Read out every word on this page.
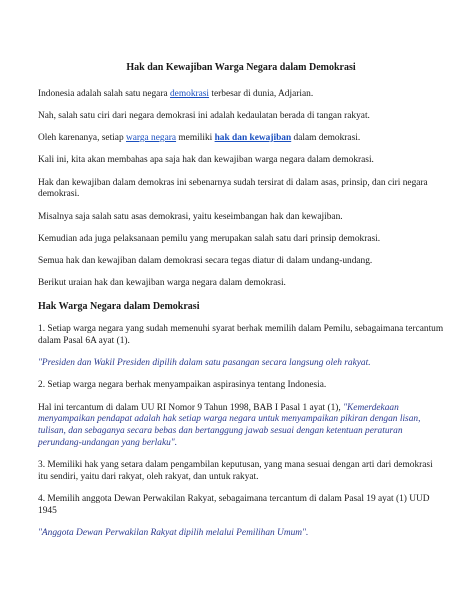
Hak dan Kewajiban Warga Negara dalam Demokrasi

Indonesia adalah salah satu negara demokrasi terbesar di dunia, Adjarian.

Nah, salah satu ciri dari negara demokrasi ini adalah kedaulatan berada di tangan rakyat.

Oleh karenanya, setiap warga negara memiliki hak dan kewajiban dalam demokrasi.

Kali ini, kita akan membahas apa saja hak dan kewajiban warga negara dalam demokrasi.

Hak dan kewajiban dalam demokras ini sebenarnya sudah tersirat di dalam asas, prinsip, dan ciri negara demokrasi.

Misalnya saja salah satu asas demokrasi, yaitu keseimbangan hak dan kewajiban.

Kemudian ada juga pelaksanaan pemilu yang merupakan salah satu dari prinsip demokrasi.

Semua hak dan kewajiban dalam demokrasi secara tegas diatur di dalam undang-undang.

Berikut uraian hak dan kewajiban warga negara dalam demokrasi.

Hak Warga Negara dalam Demokrasi

1. Setiap warga negara yang sudah memenuhi syarat berhak memilih dalam Pemilu, sebagaimana tercantum dalam Pasal 6A ayat (1).

"Presiden dan Wakil Presiden dipilih dalam satu pasangan secara langsung oleh rakyat.

2. Setiap warga negara berhak menyampaikan aspirasinya tentang Indonesia.

Hal ini tercantum di dalam UU RI Nomor 9 Tahun 1998, BAB I Pasal 1 ayat (1), "Kemerdekaan menyampaikan pendapat adalah hak setiap warga negara untuk menyampaikan pikiran dengan lisan, tulisan, dan sebaganya secara bebas dan bertanggung jawab sesuai dengan ketentuan peraturan perundang-undangan yang berlaku".

3. Memiliki hak yang setara dalam pengambilan keputusan, yang mana sesuai dengan arti dari demokrasi itu sendiri, yaitu dari rakyat, oleh rakyat, dan untuk rakyat.

4. Memilih anggota Dewan Perwakilan Rakyat, sebagaimana tercantum di dalam Pasal 19 ayat (1) UUD 1945

"Anggota Dewan Perwakilan Rakyat dipilih melalui Pemilihan Umum".
